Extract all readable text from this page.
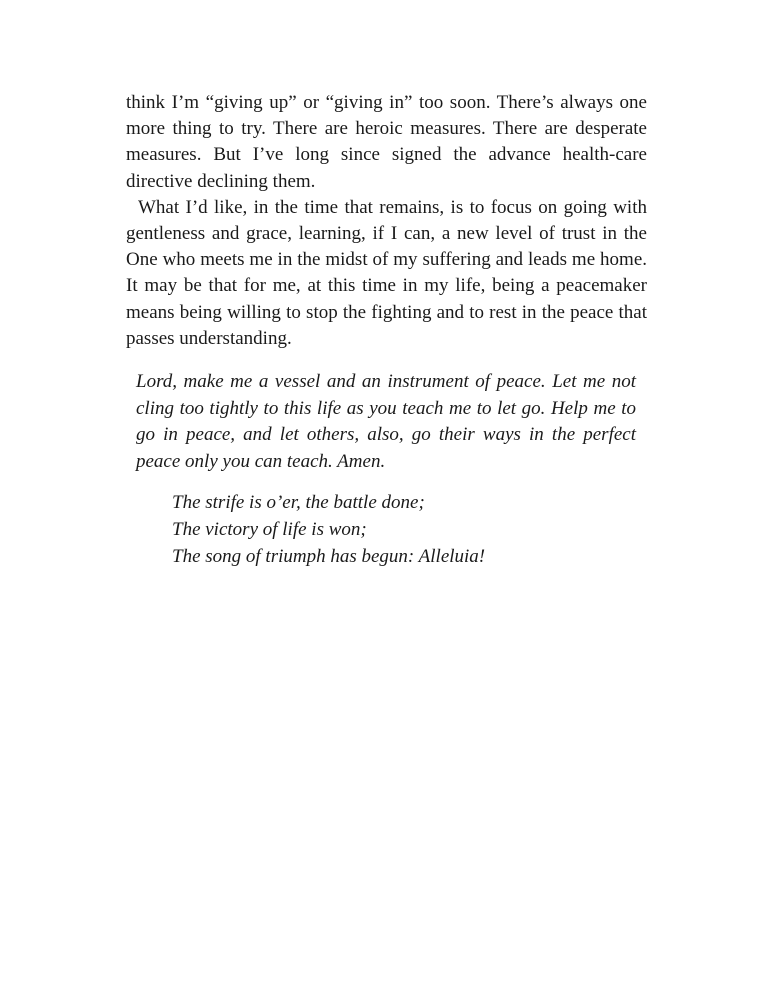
think I’m “giving up” or “giving in” too soon. There’s always one more thing to try. There are heroic measures. There are desperate measures. But I’ve long since signed the advance health-care directive declining them.

What I’d like, in the time that remains, is to focus on going with gentleness and grace, learning, if I can, a new level of trust in the One who meets me in the midst of my suffering and leads me home. It may be that for me, at this time in my life, being a peacemaker means being willing to stop the fighting and to rest in the peace that passes understanding.

Lord, make me a vessel and an instrument of peace. Let me not cling too tightly to this life as you teach me to let go. Help me to go in peace, and let others, also, go their ways in the perfect peace only you can teach. Amen.

The strife is o’er, the battle done;
The victory of life is won;
The song of triumph has begun: Alleluia!
